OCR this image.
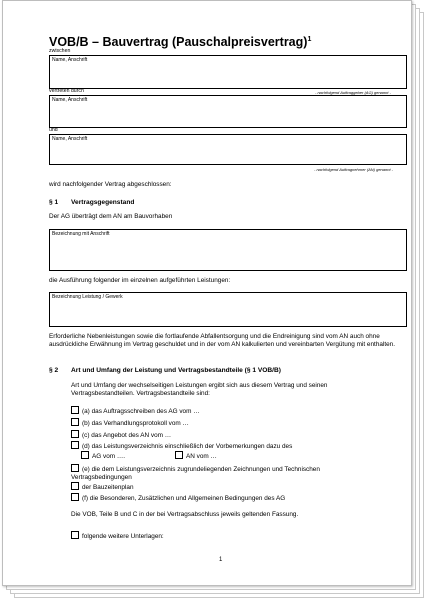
VOB/B – Bauvertrag (Pauschalpreisvertrag)$^1$
zwischen
Name, Anschrift
vertreten durch	- nachfolgend Auftraggeber (AG) genannt -
Name, Anschrift
und
Name, Anschrift
- nachfolgend Auftragnehmer (AN) genannt -
wird nachfolgender Vertrag abgeschlossen:
§ 1 Vertragsgegenstand
Der AG überträgt dem AN am Bauvorhaben
Bezeichnung mit Anschrift
die Ausführung folgender im einzelnen aufgeführten Leistungen:
Bezeichnung Leistung / Gewerk
Erforderliche Nebenleistungen sowie die fortlaufende Abfallentsorgung und die Endreinigung sind vom AN auch ohne ausdrückliche Erwähnung im Vertrag geschuldet und in der vom AN kalkulierten und vereinbarten Vergütung mit enthalten.
§ 2 Art und Umfang der Leistung und Vertragsbestandteile (§ 1 VOB/B)
Art und Umfang der wechselseitigen Leistungen ergibt sich aus diesem Vertrag und seinen Vertragsbestandteilen. Vertragsbestandteile sind:
(a) das Auftragsschreiben des AG vom …
(b) das Verhandlungsprotokoll vom …
(c) das Angebot des AN vom …
(d) das Leistungsverzeichnis einschließlich der Vorbemerkungen dazu des
AG vom ….	AN vom …
(e) die dem Leistungsverzeichnis zugrundeliegenden Zeichnungen und Technischen Vertragsbedingungen
der Bauzeitenplan
(f) die Besonderen, Zusätzlichen und Allgemeinen Bedingungen des AG
Die VOB, Teile B und C in der bei Vertragsabschluss jeweils geltenden Fassung.
folgende weitere Unterlagen:
1
